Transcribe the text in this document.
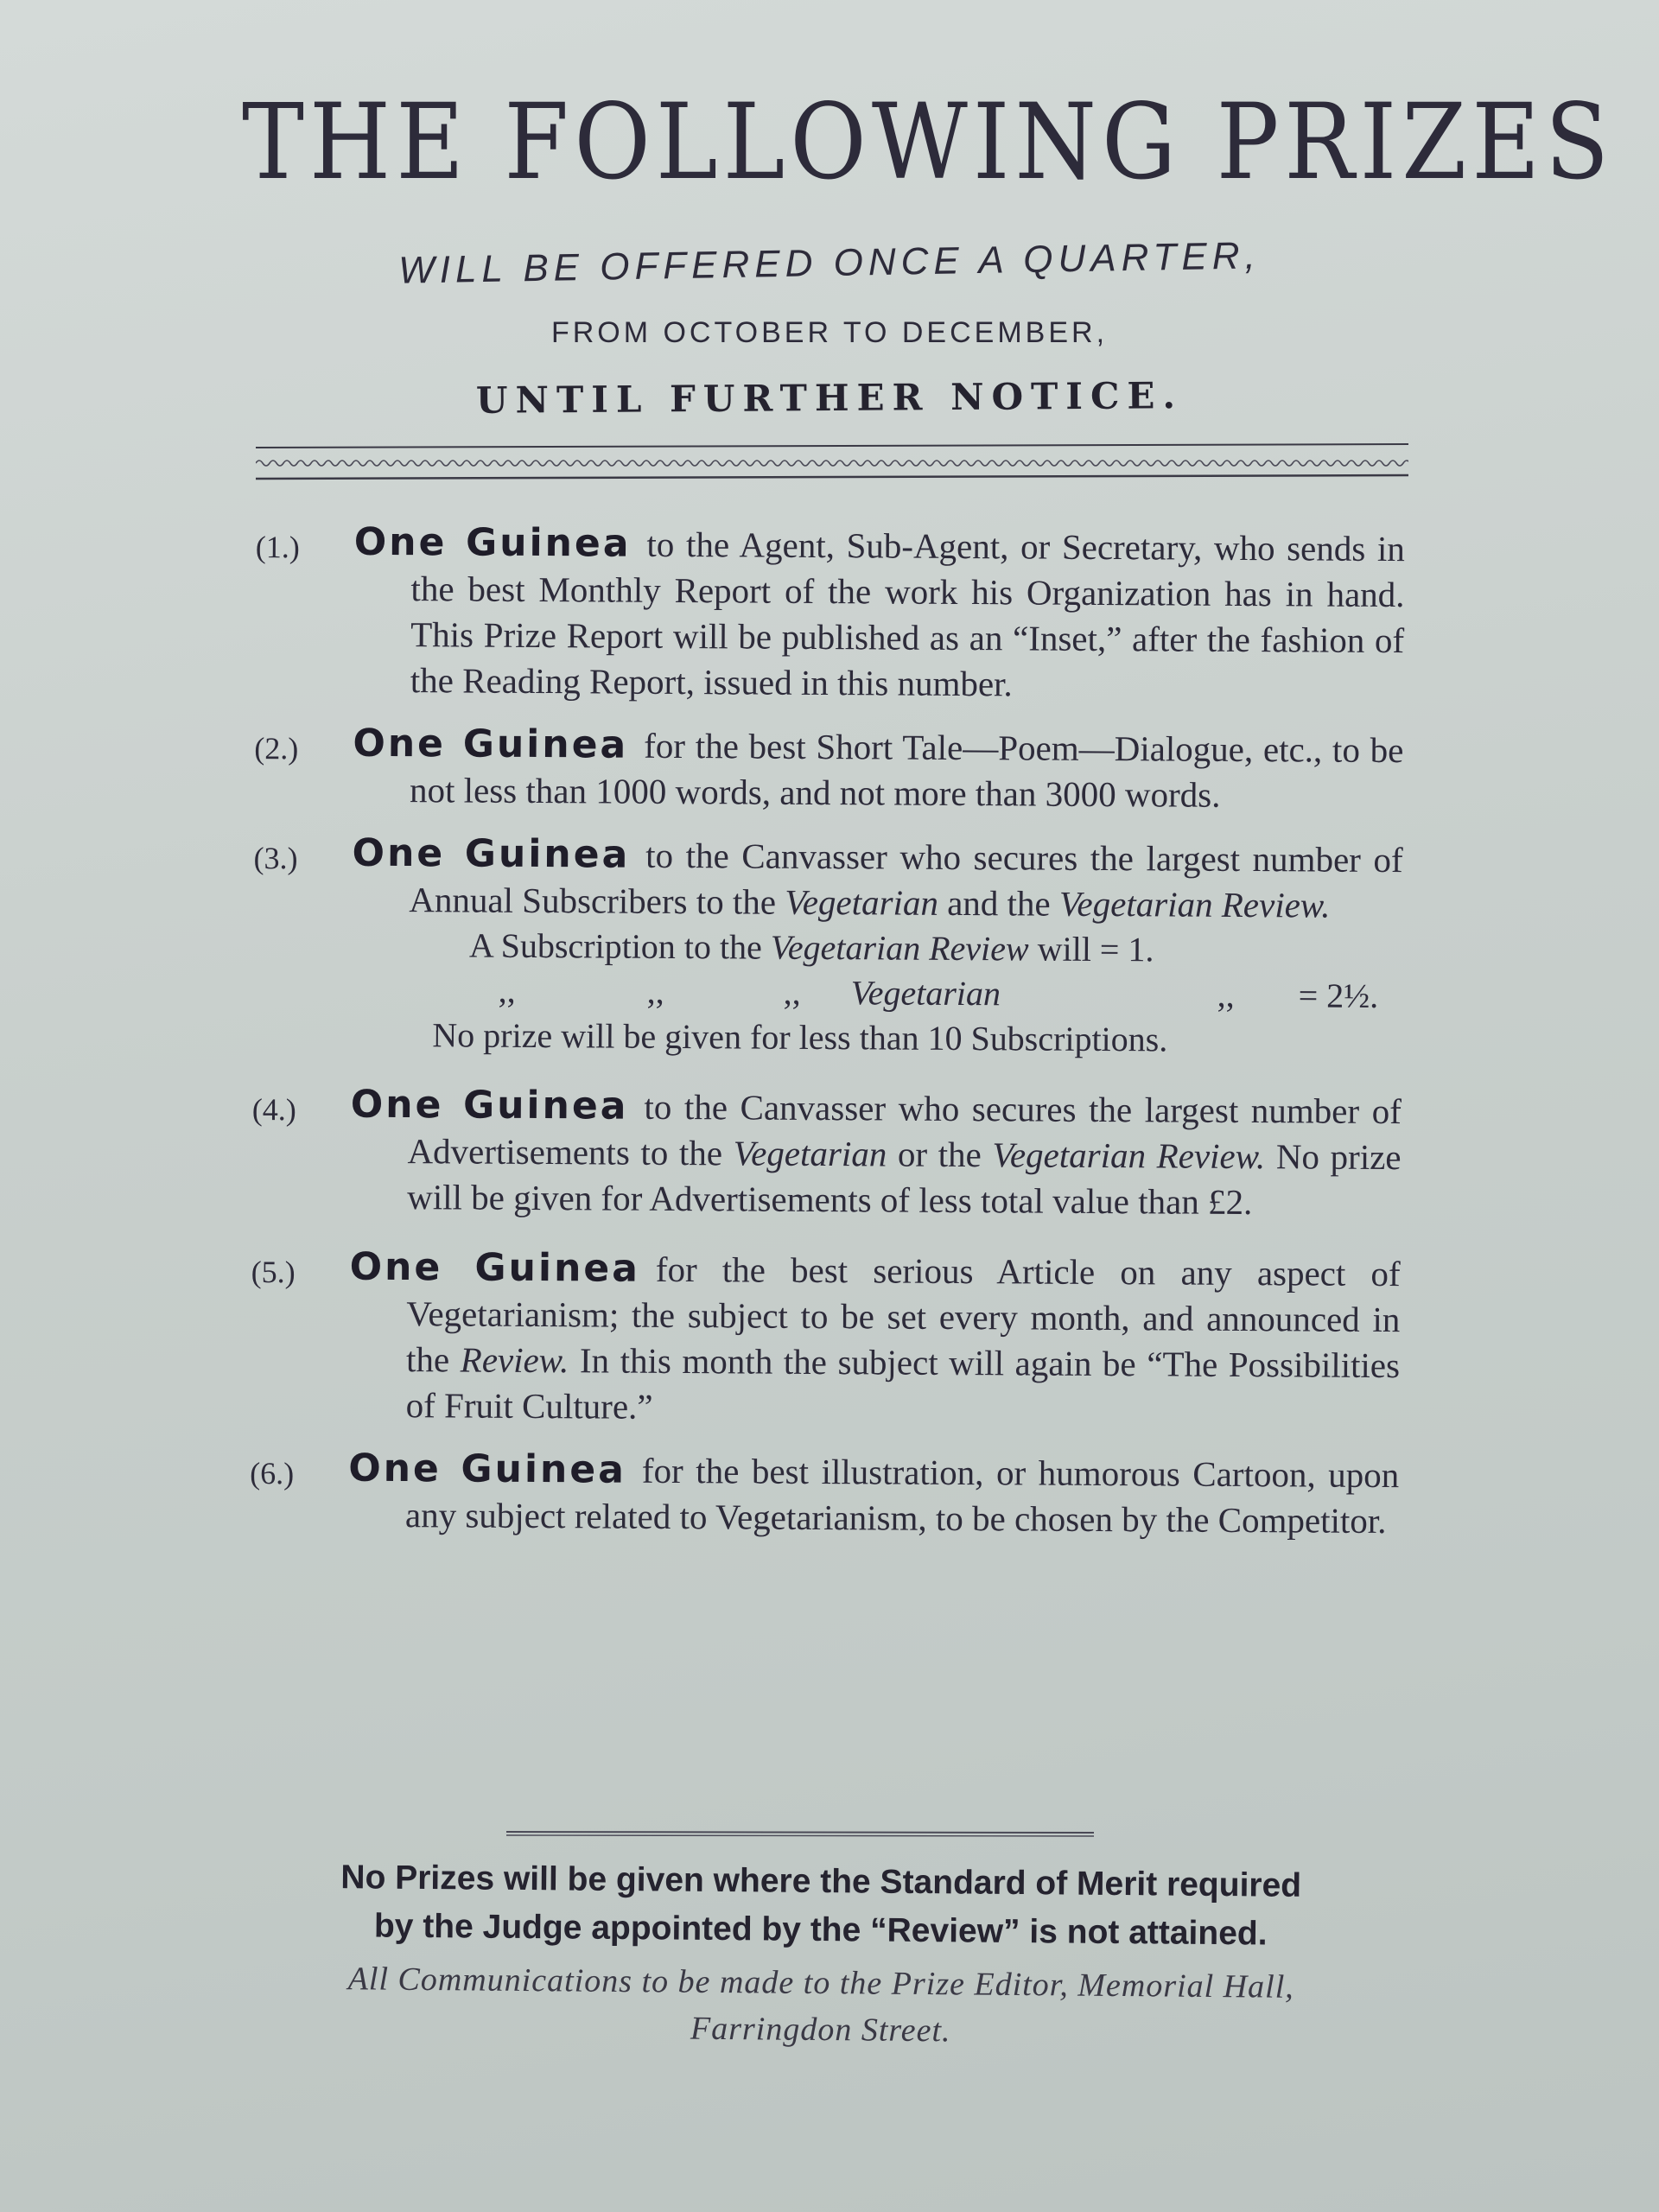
THE FOLLOWING PRIZES

WILL BE OFFERED ONCE A QUARTER,

FROM OCTOBER TO DECEMBER,

UNTIL FURTHER NOTICE.

(1.) One Guinea to the Agent, Sub-Agent, or Secretary, who sends in the best Monthly Report of the work his Organization has in hand. This Prize Report will be published as an “Inset,” after the fashion of the Reading Report, issued in this number.
(2.) One Guinea for the best Short Tale—Poem—Dialogue, etc., to be not less than 1000 words, and not more than 3000 words.
(3.) One Guinea to the Canvasser who secures the largest number of Annual Subscribers to the Vegetarian and the Vegetarian Review.
A Subscription to the Vegetarian Review will = 1.
,,	,,	,, Vegetarian	,, = 2½.
No prize will be given for less than 10 Subscriptions.
(4.) One Guinea to the Canvasser who secures the largest number of Advertisements to the Vegetarian or the Vegetarian Review. No prize will be given for Advertisements of less total value than £2.
(5.) One Guinea for the best serious Article on any aspect of Vegetarianism; the subject to be set every month, and announced in the Review. In this month the subject will again be “The Possibilities of Fruit Culture.”
(6.) One Guinea for the best illustration, or humorous Cartoon, upon any subject related to Vegetarianism, to be chosen by the Competitor.
No Prizes will be given where the Standard of Merit required
by the Judge appointed by the “Review” is not attained.
All Communications to be made to the Prize Editor, Memorial Hall,
Farringdon Street.
